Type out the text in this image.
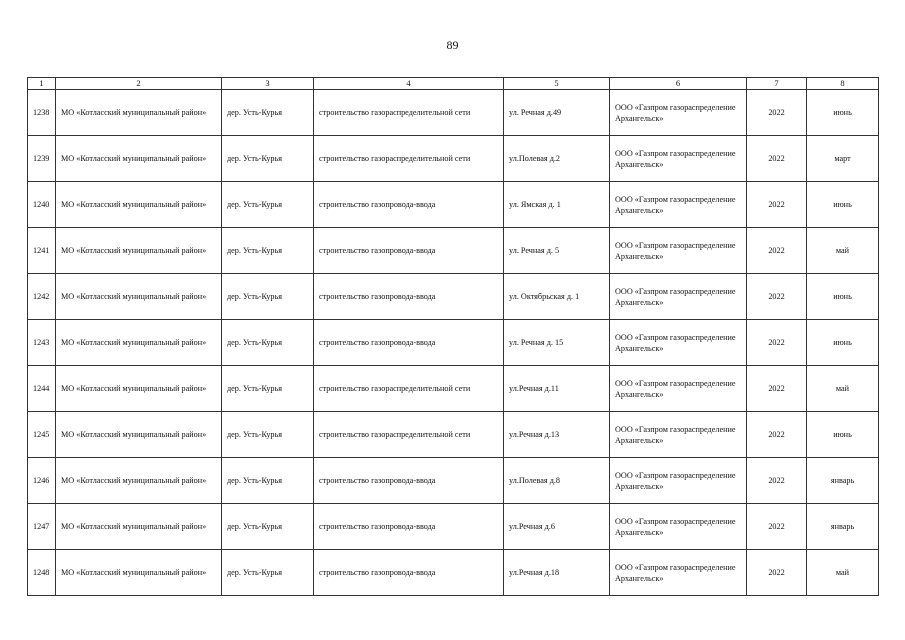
89
1	2	3	4	5	6	7	8
1238	МО «Котласский муниципальный район»	дер. Усть-Курья	строительство газораспределительной сети	ул. Речная д.49	ООО «Газпром газораспределение Архангельск»	2022	июнь
1239	МО «Котласский муниципальный район»	дер. Усть-Курья	строительство газораспределительной сети	ул.Полевая д.2	ООО «Газпром газораспределение Архангельск»	2022	март
1240	МО «Котласский муниципальный район»	дер. Усть-Курья	строительство газопровода-ввода	ул. Ямская д. 1	ООО «Газпром газораспределение Архангельск»	2022	июнь
1241	МО «Котласский муниципальный район»	дер. Усть-Курья	строительство газопровода-ввода	ул. Речная д. 5	ООО «Газпром газораспределение Архангельск»	2022	май
1242	МО «Котласский муниципальный район»	дер. Усть-Курья	строительство газопровода-ввода	ул. Октябрьская д. 1	ООО «Газпром газораспределение Архангельск»	2022	июнь
1243	МО «Котласский муниципальный район»	дер. Усть-Курья	строительство газопровода-ввода	ул. Речная д. 15	ООО «Газпром газораспределение Архангельск»	2022	июнь
1244	МО «Котласский муниципальный район»	дер. Усть-Курья	строительство газораспределительной сети	ул.Речная д.11	ООО «Газпром газораспределение Архангельск»	2022	май
1245	МО «Котласский муниципальный район»	дер. Усть-Курья	строительство газораспределительной сети	ул.Речная д.13	ООО «Газпром газораспределение Архангельск»	2022	июнь
1246	МО «Котласский муниципальный район»	дер. Усть-Курья	строительство газопровода-ввода	ул.Полевая д.8	ООО «Газпром газораспределение Архангельск»	2022	январь
1247	МО «Котласский муниципальный район»	дер. Усть-Курья	строительство газопровода-ввода	ул.Речная д.6	ООО «Газпром газораспределение Архангельск»	2022	январь
1248	МО «Котласский муниципальный район»	дер. Усть-Курья	строительство газопровода-ввода	ул.Речная д.18	ООО «Газпром газораспределение Архангельск»	2022	май
